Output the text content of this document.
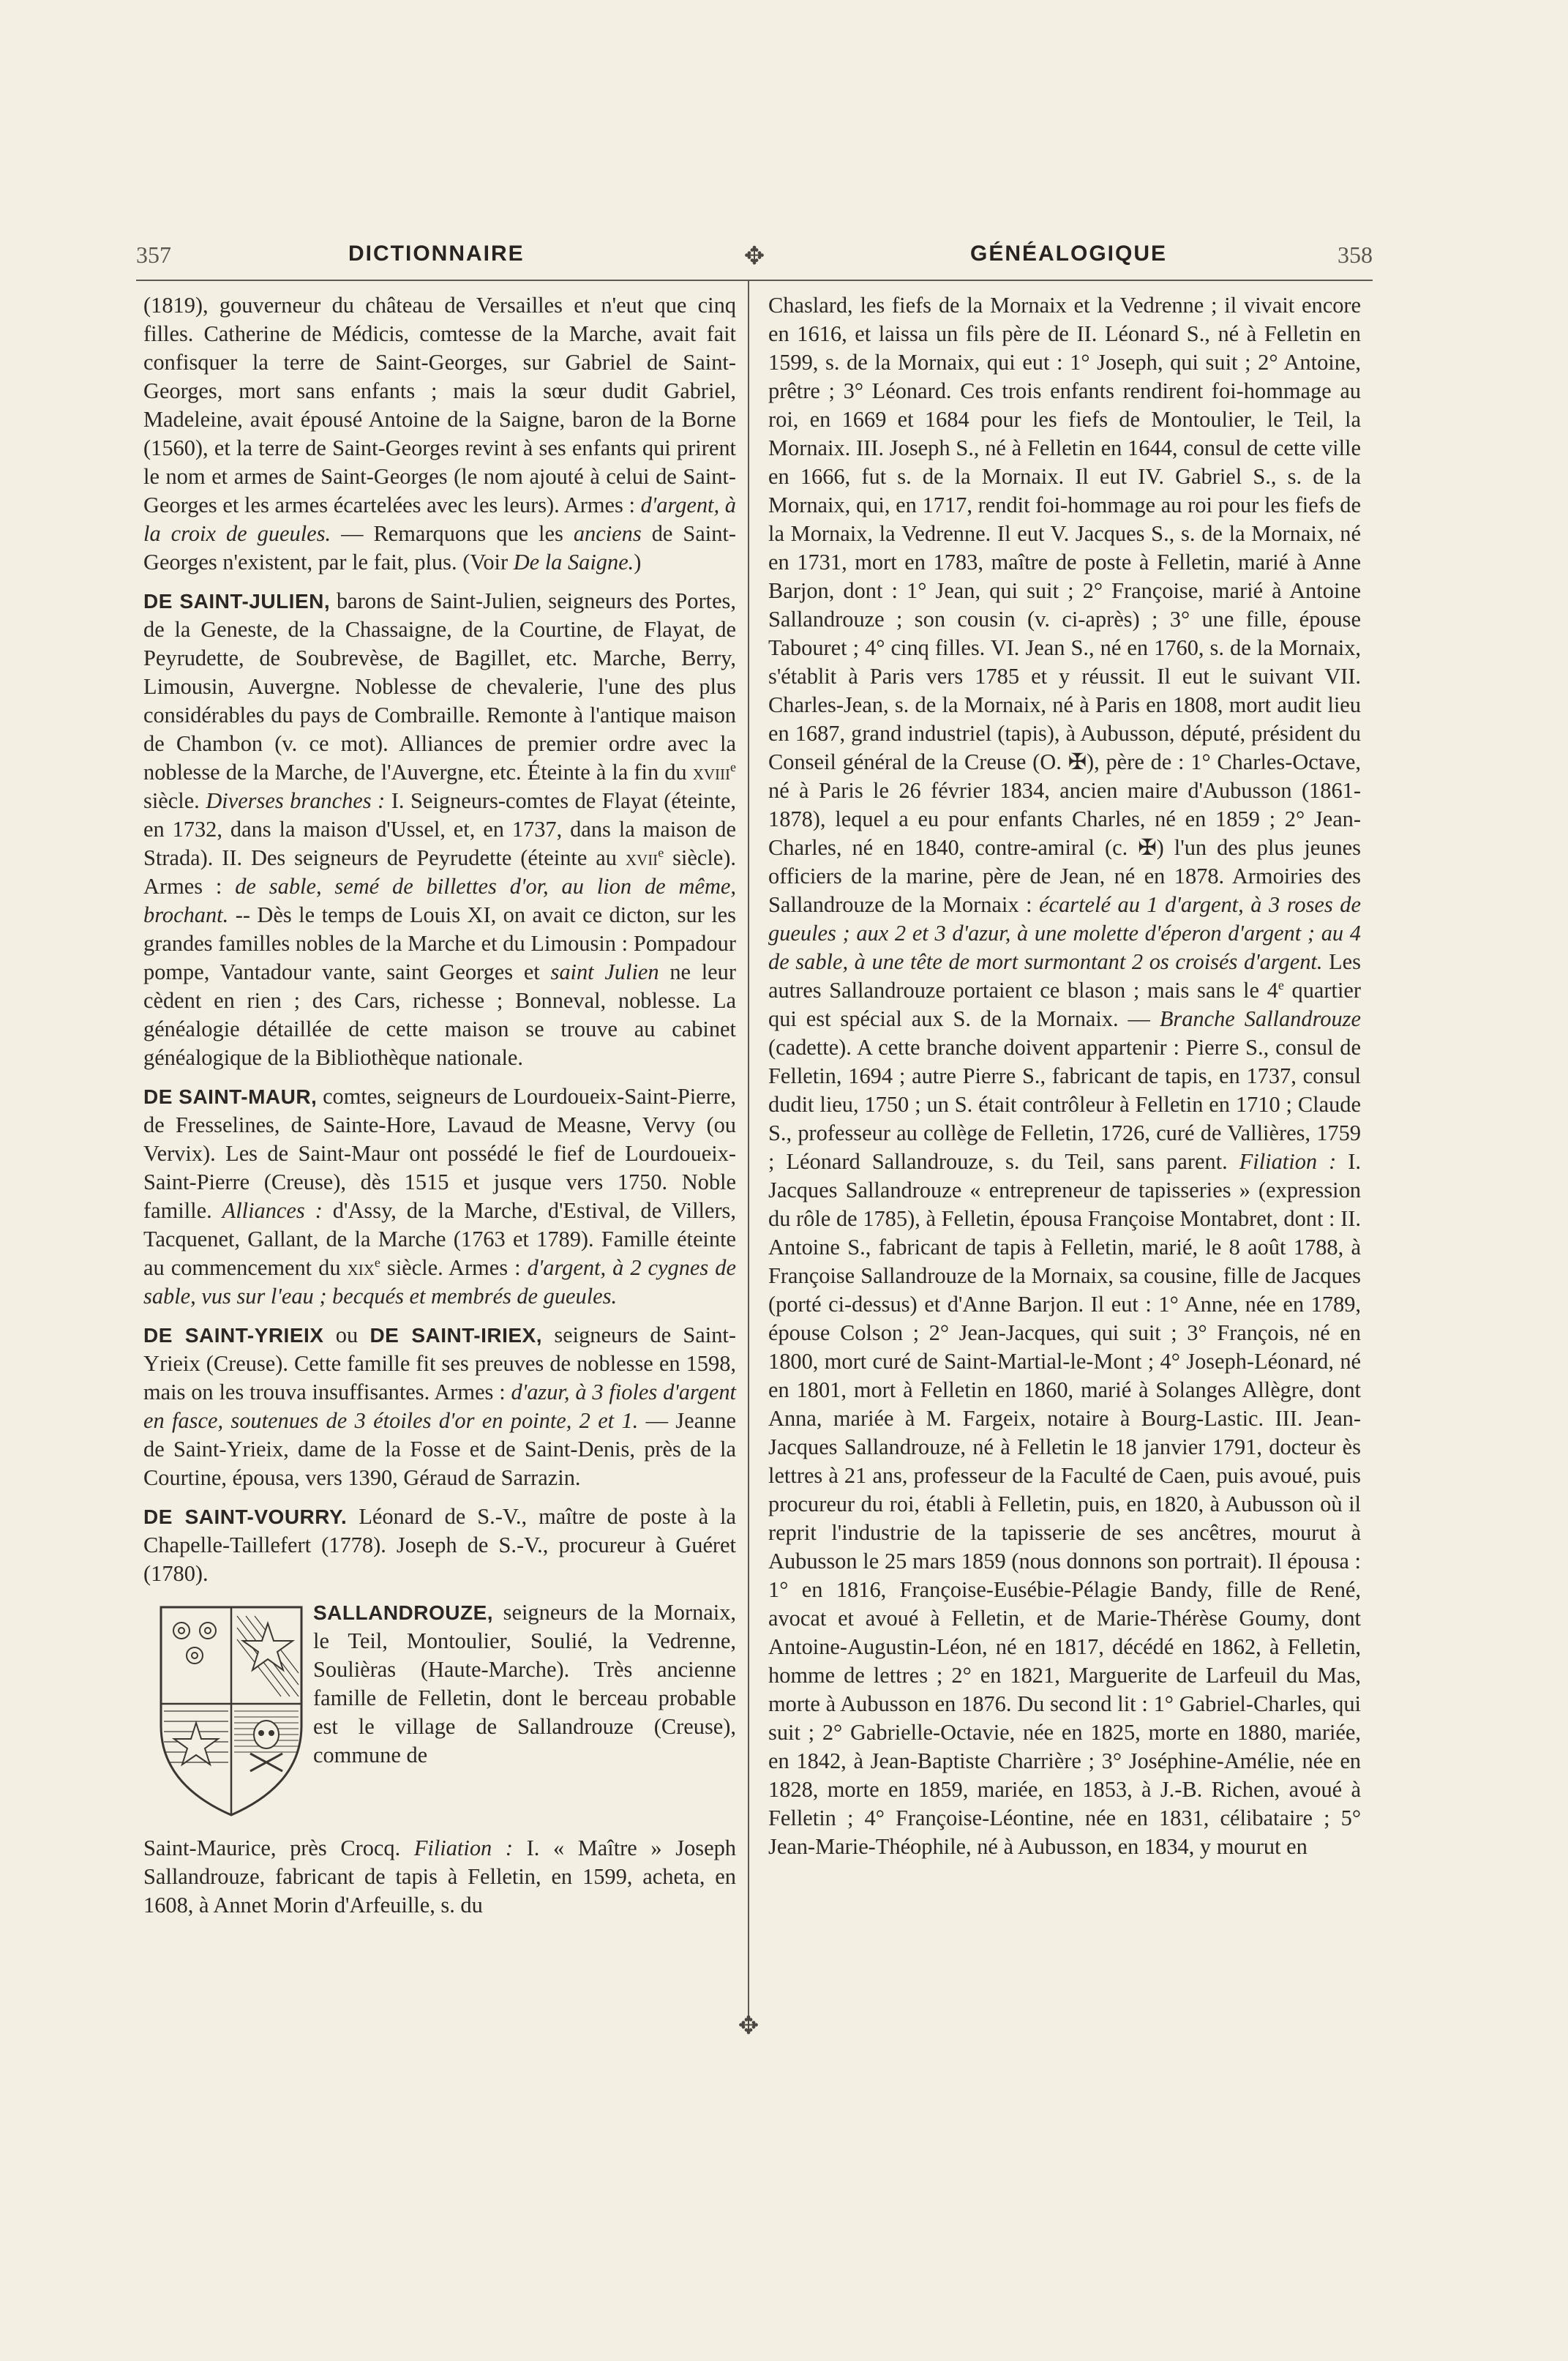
357	DICTIONNAIRE	✥	GÉNÉALOGIQUE	358
✥

(1819), gouverneur du château de Versailles et n'eut que cinq filles. Catherine de Médicis, comtesse de la Marche, avait fait confisquer la terre de Saint-Georges, sur Gabriel de Saint-Georges, mort sans enfants ; mais la sœur dudit Gabriel, Madeleine, avait épousé Antoine de la Saigne, baron de la Borne (1560), et la terre de Saint-Georges revint à ses enfants qui prirent le nom et armes de Saint-Georges (le nom ajouté à celui de Saint-Georges et les armes écartelées avec les leurs). Armes : d'argent, à la croix de gueules. — Remarquons que les anciens de Saint-Georges n'existent, par le fait, plus. (Voir De la Saigne.)

DE SAINT-JULIEN, barons de Saint-Julien, seigneurs des Portes, de la Geneste, de la Chassaigne, de la Courtine, de Flayat, de Peyrudette, de Soubrevèse, de Bagillet, etc. Marche, Berry, Limousin, Auvergne. Noblesse de chevalerie, l'une des plus considérables du pays de Combraille. Remonte à l'antique maison de Chambon (v. ce mot). Alliances de premier ordre avec la noblesse de la Marche, de l'Auvergne, etc. Éteinte à la fin du xviii$^e$ siècle. Diverses branches : I. Seigneurs-comtes de Flayat (éteinte, en 1732, dans la maison d'Ussel, et, en 1737, dans la maison de Strada). II. Des seigneurs de Peyrudette (éteinte au xvii$^e$ siècle). Armes : de sable, semé de billettes d'or, au lion de même, brochant. -- Dès le temps de Louis XI, on avait ce dicton, sur les grandes familles nobles de la Marche et du Limousin : Pompadour pompe, Vantadour vante, saint Georges et saint Julien ne leur cèdent en rien ; des Cars, richesse ; Bonneval, noblesse. La généalogie détaillée de cette maison se trouve au cabinet généalogique de la Bibliothèque nationale.

DE SAINT-MAUR, comtes, seigneurs de Lourdoueix-Saint-Pierre, de Fresselines, de Sainte-Hore, Lavaud de Measne, Vervy (ou Vervix). Les de Saint-Maur ont possédé le fief de Lourdoueix-Saint-Pierre (Creuse), dès 1515 et jusque vers 1750. Noble famille. Alliances : d'Assy, de la Marche, d'Estival, de Villers, Tacquenet, Gallant, de la Marche (1763 et 1789). Famille éteinte au commencement du xix$^e$ siècle. Armes : d'argent, à 2 cygnes de sable, vus sur l'eau ; becqués et membrés de gueules.

DE SAINT-YRIEIX ou DE SAINT-IRIEX, seigneurs de Saint-Yrieix (Creuse). Cette famille fit ses preuves de noblesse en 1598, mais on les trouva insuffisantes. Armes : d'azur, à 3 fioles d'argent en fasce, soutenues de 3 étoiles d'or en pointe, 2 et 1. — Jeanne de Saint-Yrieix, dame de la Fosse et de Saint-Denis, près de la Courtine, épousa, vers 1390, Géraud de Sarrazin.

DE SAINT-VOURRY. Léonard de S.-V., maître de poste à la Chapelle-Taillefert (1778). Joseph de S.-V., procureur à Guéret (1780).

SALLANDROUZE, seigneurs de la Mornaix, le Teil, Montoulier, Soulié, la Vedrenne, Soulièras (Haute-Marche). Très ancienne famille de Felletin, dont le berceau probable est le village de Sallandrouze (Creuse), commune de

Saint-Maurice, près Crocq. Filiation : I. « Maître » Joseph Sallandrouze, fabricant de tapis à Felletin, en 1599, acheta, en 1608, à Annet Morin d'Arfeuille, s. du

Chaslard, les fiefs de la Mornaix et la Vedrenne ; il vivait encore en 1616, et laissa un fils père de II. Léonard S., né à Felletin en 1599, s. de la Mornaix, qui eut : 1° Joseph, qui suit ; 2° Antoine, prêtre ; 3° Léonard. Ces trois enfants rendirent foi-hommage au roi, en 1669 et 1684 pour les fiefs de Montoulier, le Teil, la Mornaix. III. Joseph S., né à Felletin en 1644, consul de cette ville en 1666, fut s. de la Mornaix. Il eut IV. Gabriel S., s. de la Mornaix, qui, en 1717, rendit foi-hommage au roi pour les fiefs de la Mornaix, la Vedrenne. Il eut V. Jacques S., s. de la Mornaix, né en 1731, mort en 1783, maître de poste à Felletin, marié à Anne Barjon, dont : 1° Jean, qui suit ; 2° Françoise, marié à Antoine Sallandrouze ; son cousin (v. ci-après) ; 3° une fille, épouse Tabouret ; 4° cinq filles. VI. Jean S., né en 1760, s. de la Mornaix, s'établit à Paris vers 1785 et y réussit. Il eut le suivant VII. Charles-Jean, s. de la Mornaix, né à Paris en 1808, mort audit lieu en 1687, grand industriel (tapis), à Aubusson, député, président du Conseil général de la Creuse (O. ✠), père de : 1° Charles-Octave, né à Paris le 26 février 1834, ancien maire d'Aubusson (1861-1878), lequel a eu pour enfants Charles, né en 1859 ; 2° Jean-Charles, né en 1840, contre-amiral (c. ✠) l'un des plus jeunes officiers de la marine, père de Jean, né en 1878. Armoiries des Sallandrouze de la Mornaix : écartelé au 1 d'argent, à 3 roses de gueules ; aux 2 et 3 d'azur, à une molette d'éperon d'argent ; au 4 de sable, à une tête de mort surmontant 2 os croisés d'argent. Les autres Sallandrouze portaient ce blason ; mais sans le 4e quartier qui est spécial aux S. de la Mornaix. — Branche Sallandrouze (cadette). A cette branche doivent appartenir : Pierre S., consul de Felletin, 1694 ; autre Pierre S., fabricant de tapis, en 1737, consul dudit lieu, 1750 ; un S. était contrôleur à Felletin en 1710 ; Claude S., professeur au collège de Felletin, 1726, curé de Vallières, 1759 ; Léonard Sallandrouze, s. du Teil, sans parent. Filiation : I. Jacques Sallandrouze « entrepreneur de tapisseries » (expression du rôle de 1785), à Felletin, épousa Françoise Montabret, dont : II. Antoine S., fabricant de tapis à Felletin, marié, le 8 août 1788, à Françoise Sallandrouze de la Mornaix, sa cousine, fille de Jacques (porté ci-dessus) et d'Anne Barjon. Il eut : 1° Anne, née en 1789, épouse Colson ; 2° Jean-Jacques, qui suit ; 3° François, né en 1800, mort curé de Saint-Martial-le-Mont ; 4° Joseph-Léonard, né en 1801, mort à Felletin en 1860, marié à Solanges Allègre, dont Anna, mariée à M. Fargeix, notaire à Bourg-Lastic. III. Jean-Jacques Sallandrouze, né à Felletin le 18 janvier 1791, docteur ès lettres à 21 ans, professeur de la Faculté de Caen, puis avoué, puis procureur du roi, établi à Felletin, puis, en 1820, à Aubusson où il reprit l'industrie de la tapisserie de ses ancêtres, mourut à Aubusson le 25 mars 1859 (nous donnons son portrait). Il épousa : 1° en 1816, Françoise-Eusébie-Pélagie Bandy, fille de René, avocat et avoué à Felletin, et de Marie-Thérèse Goumy, dont Antoine-Augustin-Léon, né en 1817, décédé en 1862, à Felletin, homme de lettres ; 2° en 1821, Marguerite de Larfeuil du Mas, morte à Aubusson en 1876. Du second lit : 1° Gabriel-Charles, qui suit ; 2° Gabrielle-Octavie, née en 1825, morte en 1880, mariée, en 1842, à Jean-Baptiste Charrière ; 3° Joséphine-Amélie, née en 1828, morte en 1859, mariée, en 1853, à J.-B. Richen, avoué à Felletin ; 4° Françoise-Léontine, née en 1831, célibataire ; 5° Jean-Marie-Théophile, né à Aubusson, en 1834, y mourut en
